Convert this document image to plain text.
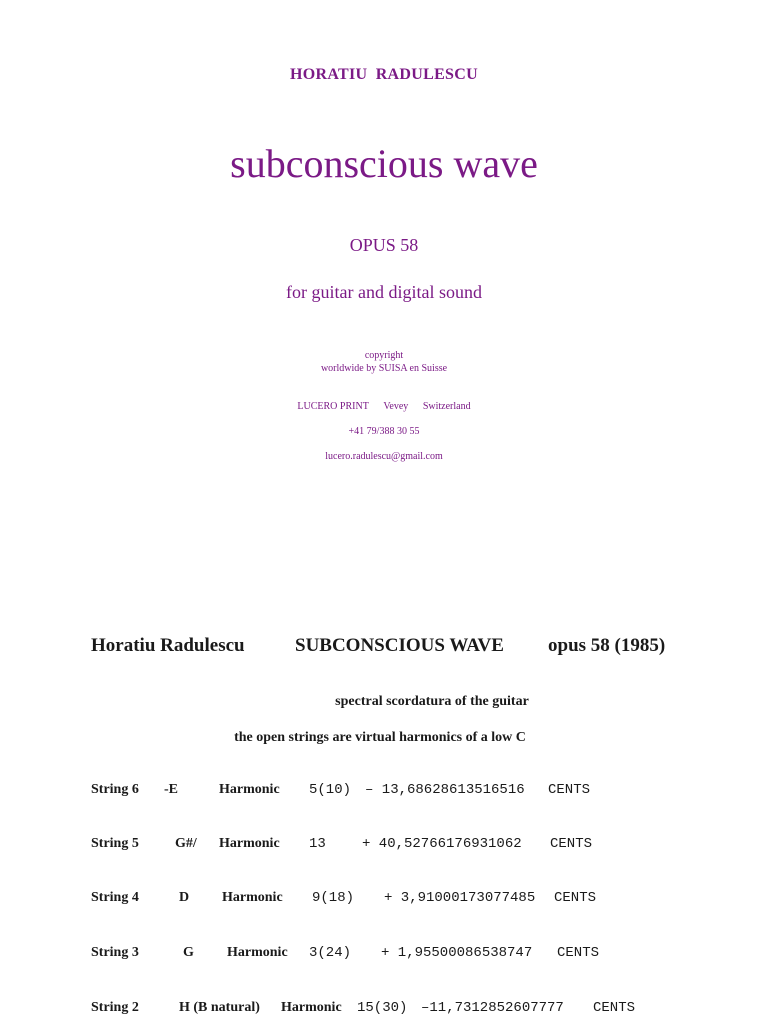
HORATIU RADULESCU
subconscious wave
OPUS 58
for guitar and digital sound
copyright
worldwide by SUISA en Suisse
LUCERO PRINT Vevey Switzerland
+41 79/388 30 55
lucero.radulescu@gmail.com
Horatiu Radulescu	SUBCONSCIOUS WAVE opus 58 (1985)
spectral scordatura of the guitar
the open strings are virtual harmonics of a low C
String 6 -E	Harmonic 5(10) – 13,68628613516516 CENTS
String 5	G#/ Harmonic 13	+ 40,52766176931062 CENTS
String 4	D Harmonic 9(18) + 3,91000173077485 CENTS
String 3	G Harmonic 3(24) + 1,95500086538747 CENTS
String 2	H (B natural) Harmonic 15(30) –11,7312852607777 CENTS
